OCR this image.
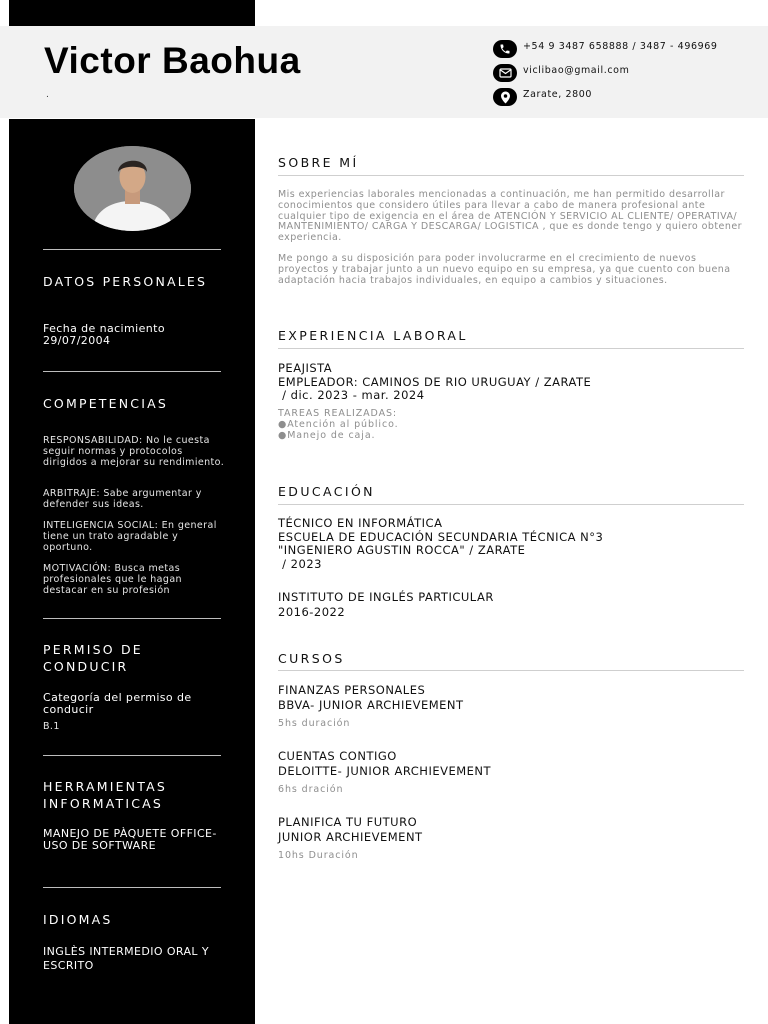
Victor Baohua
.
+54 9 3487 658888 / 3487 - 496969
viclibao@gmail.com
Zarate, 2800
DATOS PERSONALES
Fecha de nacimiento
29/07/2004
COMPETENCIAS
RESPONSABILIDAD: No le cuesta seguir normas y protocolos dirigidos a mejorar su rendimiento.
ARBITRAJE: Sabe argumentar y defender sus ideas.
INTELIGENCIA SOCIAL: En general tiene un trato agradable y oportuno.
MOTIVACIÓN: Busca metas profesionales que le hagan destacar en su profesión
PERMISO DE CONDUCIR
Categoría del permiso de conducir
B.1
HERRAMIENTAS INFORMATICAS
MANEJO DE PÀQUETE OFFICE- USO DE SOFTWARE
IDIOMAS
INGLÈS INTERMEDIO ORAL Y ESCRITO
SOBRE MÍ
Mis experiencias laborales mencionadas a continuación, me han permitido desarrollar conocimientos que considero útiles para llevar a cabo de manera profesional ante cualquier tipo de exigencia en el área de ATENCIÓN Y SERVICIO AL CLIENTE/ OPERATIVA/ MANTENIMIENTO/ CARGA Y DESCARGA/ LOGISTICA , que es donde tengo y quiero obtener experiencia.
Me pongo a su disposición para poder involucrarme en el crecimiento de nuevos proyectos y trabajar junto a un nuevo equipo en su empresa, ya que cuento con buena adaptación hacia trabajos individuales, en equipo a cambios y situaciones.
EXPERIENCIA LABORAL
PEAJISTA
EMPLEADOR: CAMINOS DE RIO URUGUAY / ZARATE
/ dic. 2023 - mar. 2024
TAREAS REALIZADAS:
●Atención al público.
●Manejo de caja.
EDUCACIÓN
TÉCNICO EN INFORMÁTICA
ESCUELA DE EDUCACIÓN SECUNDARIA TÉCNICA N°3 "INGENIERO AGUSTIN ROCCA" / ZARATE
/ 2023
INSTITUTO DE INGLÉS PARTICULAR
2016-2022
CURSOS
FINANZAS PERSONALES
BBVA- JUNIOR ARCHIEVEMENT
5hs duración
CUENTAS CONTIGO
DELOITTE- JUNIOR ARCHIEVEMENT
6hs dración
PLANIFICA TU FUTURO
JUNIOR ARCHIEVEMENT
10hs Duración
